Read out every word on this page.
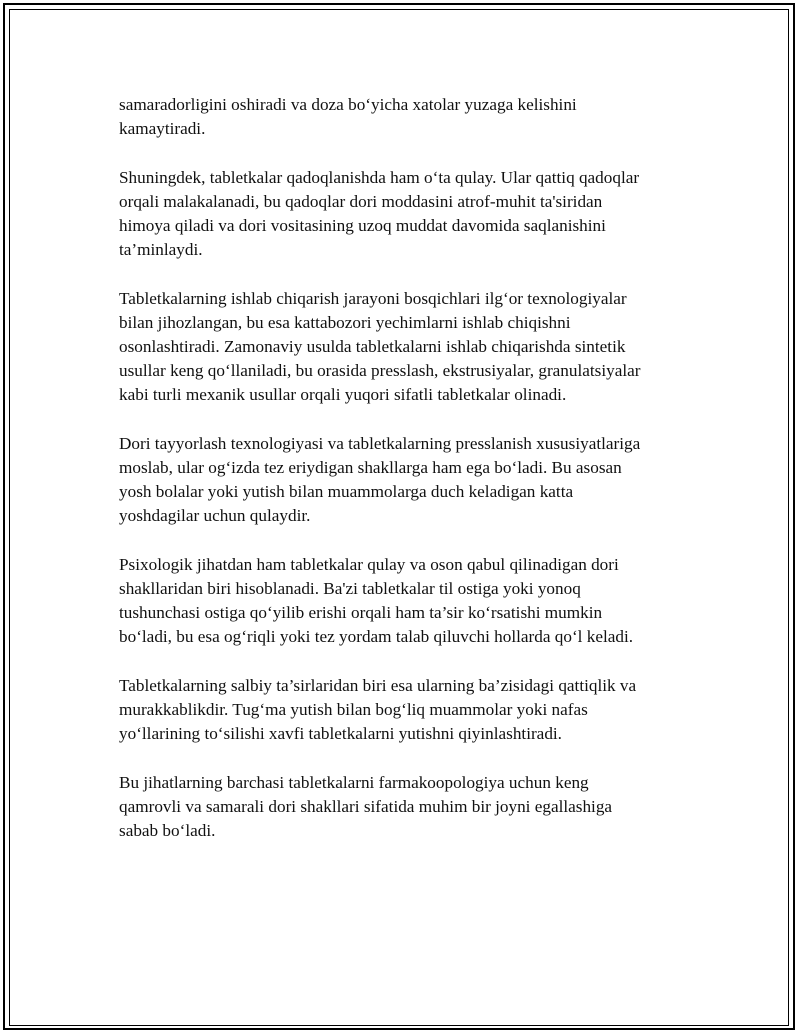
samaradorligini oshiradi va doza bo‘yicha xatolar yuzaga kelishini
kamaytiradi.

Shuningdek, tabletkalar qadoqlanishda ham o‘ta qulay. Ular qattiq qadoqlar
orqali malakalanadi, bu qadoqlar dori moddasini atrof-muhit ta'siridan
himoya qiladi va dori vositasining uzoq muddat davomida saqlanishini
ta’minlaydi.

Tabletkalarning ishlab chiqarish jarayoni bosqichlari ilg‘or texnologiyalar
bilan jihozlangan, bu esa kattabozori yechimlarni ishlab chiqishni
osonlashtiradi. Zamonaviy usulda tabletkalarni ishlab chiqarishda sintetik
usullar keng qo‘llaniladi, bu orasida presslash, ekstrusiyalar, granulatsiyalar
kabi turli mexanik usullar orqali yuqori sifatli tabletkalar olinadi.

Dori tayyorlash texnologiyasi va tabletkalarning presslanish xususiyatlariga
moslab, ular og‘izda tez eriydigan shakllarga ham ega bo‘ladi. Bu asosan
yosh bolalar yoki yutish bilan muammolarga duch keladigan katta
yoshdagilar uchun qulaydir.

Psixologik jihatdan ham tabletkalar qulay va oson qabul qilinadigan dori
shakllaridan biri hisoblanadi. Ba'zi tabletkalar til ostiga yoki yonoq
tushunchasi ostiga qo‘yilib erishi orqali ham ta’sir ko‘rsatishi mumkin
bo‘ladi, bu esa og‘riqli yoki tez yordam talab qiluvchi hollarda qo‘l keladi.

Tabletkalarning salbiy ta’sirlaridan biri esa ularning ba’zisidagi qattiqlik va
murakkablikdir. Tug‘ma yutish bilan bog‘liq muammolar yoki nafas
yo‘llarining to‘silishi xavfi tabletkalarni yutishni qiyinlashtiradi.

Bu jihatlarning barchasi tabletkalarni farmakoopologiya uchun keng
qamrovli va samarali dori shakllari sifatida muhim bir joyni egallashiga
sabab bo‘ladi.
